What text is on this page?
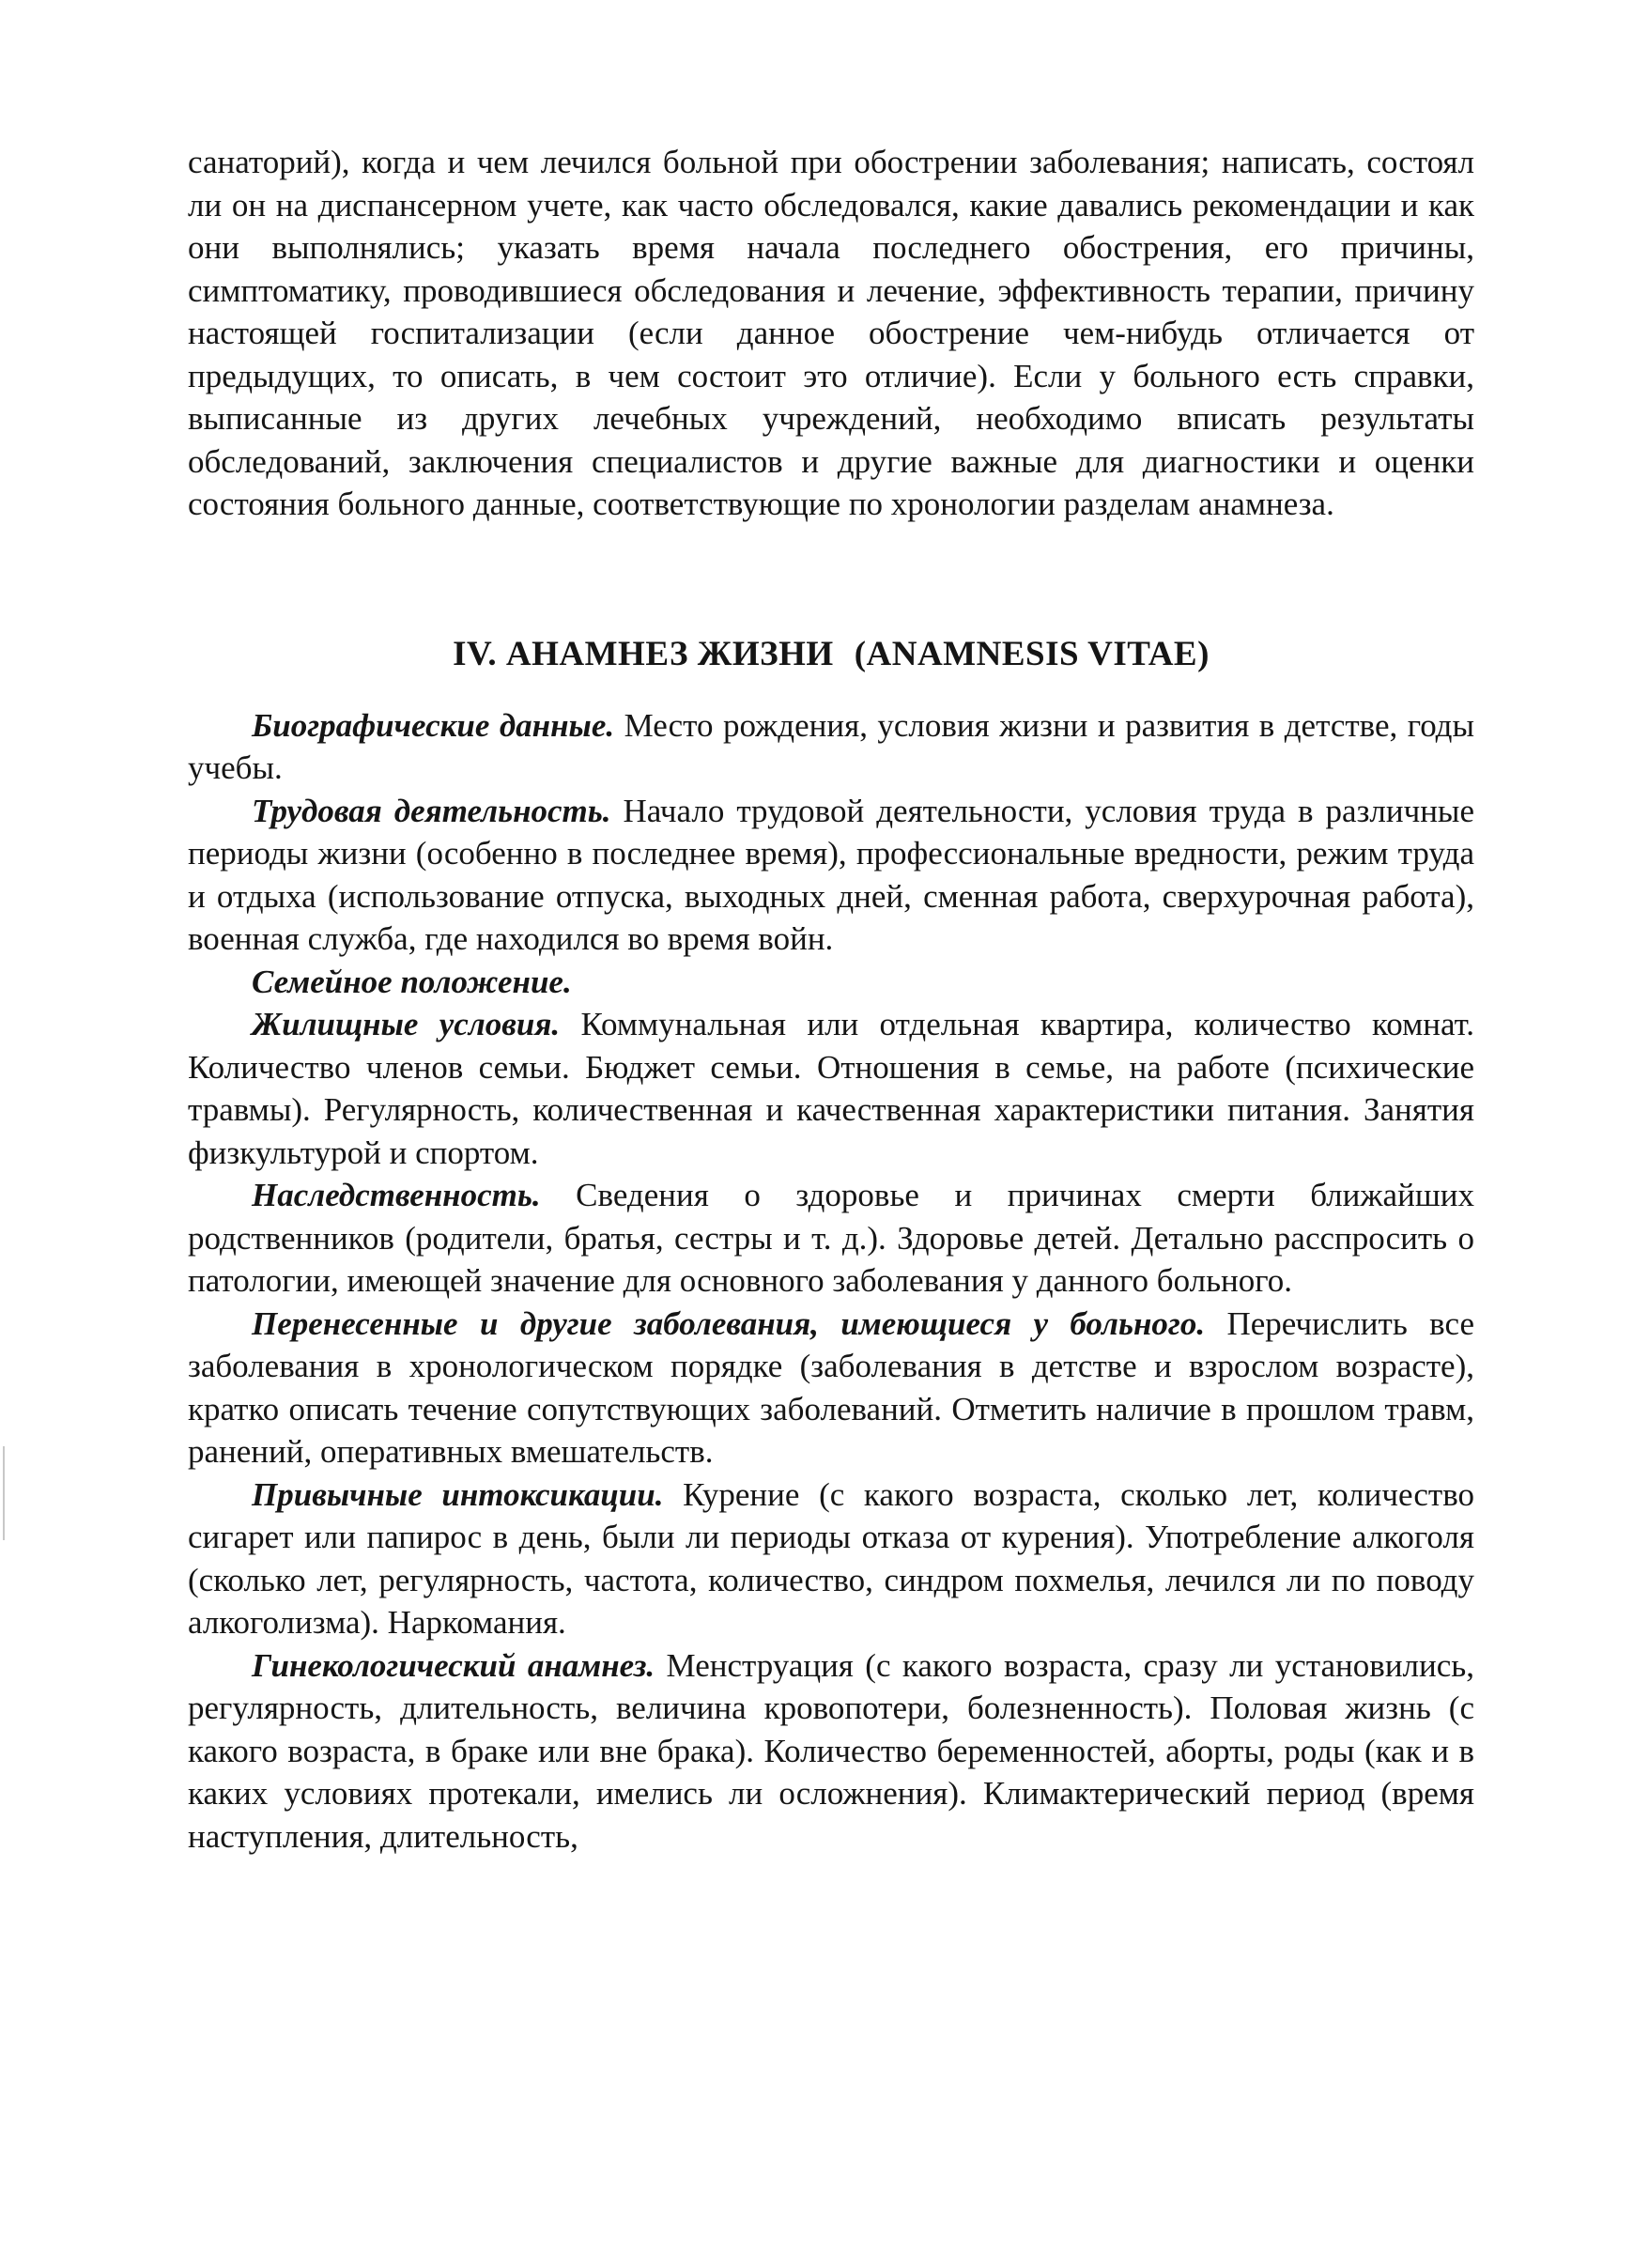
санаторий), когда и чем лечился больной при обострении заболевания; написать, состоял ли он на диспансерном учете, как часто обследовался, какие давались рекомендации и как они выполнялись; указать время начала последнего обострения, его причины, симптоматику, проводившиеся обследования и лечение, эффективность терапии, причину настоящей госпитализации (если данное обострение чем-нибудь отличается от предыдущих, то описать, в чем состоит это отличие). Если у больного есть справки, выписанные из других лечебных учреждений, необходимо вписать результаты обследований, заключения специалистов и другие важные для диагностики и оценки состояния больного данные, соответствующие по хронологии разделам анамнеза.

IV. АНАМНЕЗ ЖИЗНИ (ANAMNESIS VITAE)

Биографические данные. Место рождения, условия жизни и развития в детстве, годы учебы.

Трудовая деятельность. Начало трудовой деятельности, условия труда в различные периоды жизни (особенно в последнее время), профессиональные вредности, режим труда и отдыха (использование отпуска, выходных дней, сменная работа, сверхурочная работа), военная служба, где находился во время войн.

Семейное положение.

Жилищные условия. Коммунальная или отдельная квартира, количество комнат. Количество членов семьи. Бюджет семьи. Отношения в семье, на работе (психические травмы). Регулярность, количественная и качественная характеристики питания. Занятия физкультурой и спортом.

Наследственность. Сведения о здоровье и причинах смерти ближайших родственников (родители, братья, сестры и т. д.). Здоровье детей. Детально расспросить о патологии, имеющей значение для основного заболевания у данного больного.

Перенесенные и другие заболевания, имеющиеся у больного. Перечислить все заболевания в хронологическом порядке (заболевания в детстве и взрослом возрасте), кратко описать течение сопутствующих заболеваний. Отметить наличие в прошлом травм, ранений, оперативных вмешательств.

Привычные интоксикации. Курение (с какого возраста, сколько лет, количество сигарет или папирос в день, были ли периоды отказа от курения). Употребление алкоголя (сколько лет, регулярность, частота, количество, синдром похмелья, лечился ли по поводу алкоголизма). Наркомания.

Гинекологический анамнез. Менструация (с какого возраста, сразу ли установились, регулярность, длительность, величина кровопотери, болезненность). Половая жизнь (с какого возраста, в браке или вне брака). Количество беременностей, аборты, роды (как и в каких условиях протекали, имелись ли осложнения). Климактерический период (время наступления, длительность,
